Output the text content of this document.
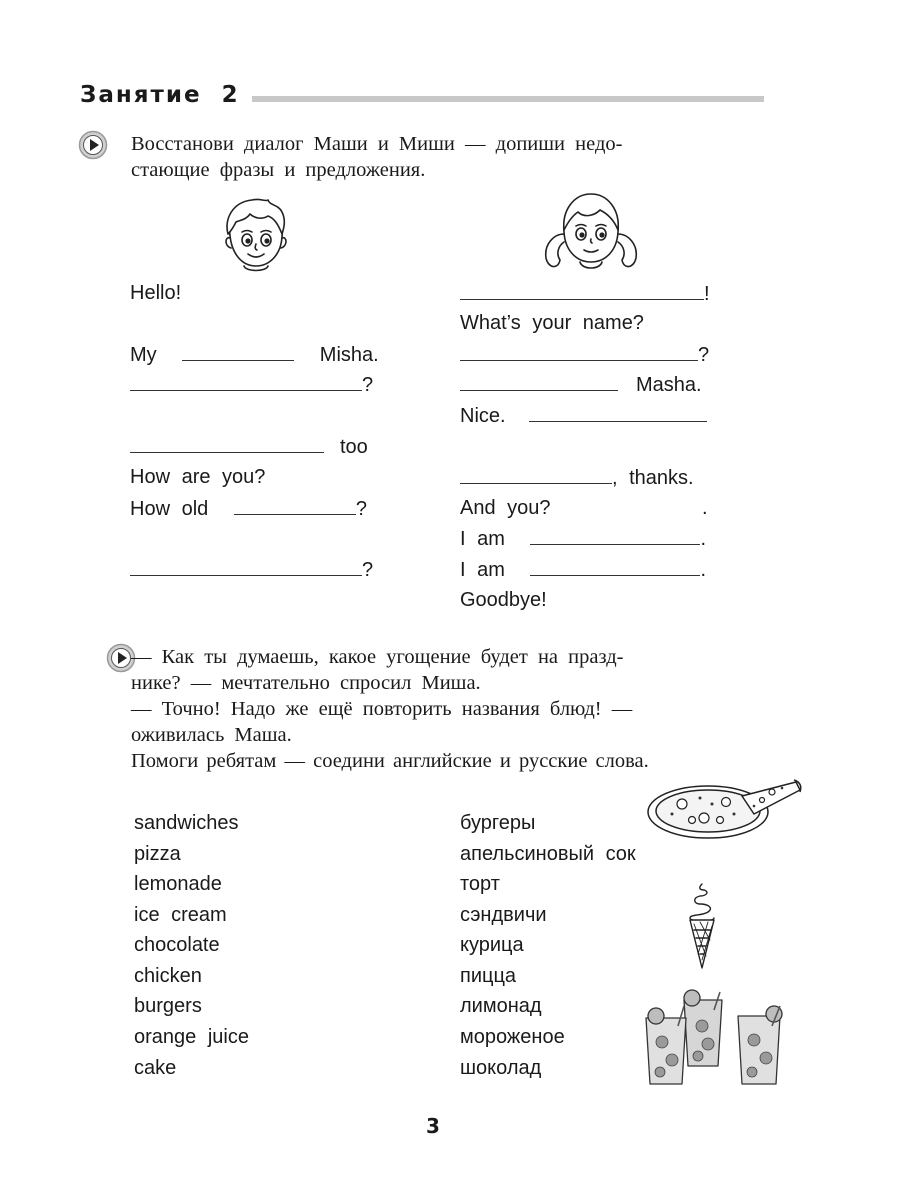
Занятие  2
Восстанови диалог Маши и Миши — допиши недо-
стающие фразы и предложения.
Hello!
My	Misha.
?
too
How are you?
How old	?
?
!
What’s your name?
?
Masha.
Nice.
, thanks.
And you?	.
I am	.
I am	.
Goodbye!
— Как ты думаешь, какое угощение будет на празд-
нике? — мечтательно спросил Миша.
— Точно! Надо же ещё повторить названия блюд! —
оживилась Маша.
Помоги ребятам — соедини английские и русские слова.
sandwiches
pizza
lemonade
ice cream
chocolate
chicken
burgers
orange juice
cake
бургеры
апельсиновый сок
торт
сэндвичи
курица
пицца
лимонад
мороженое
шоколад
3
